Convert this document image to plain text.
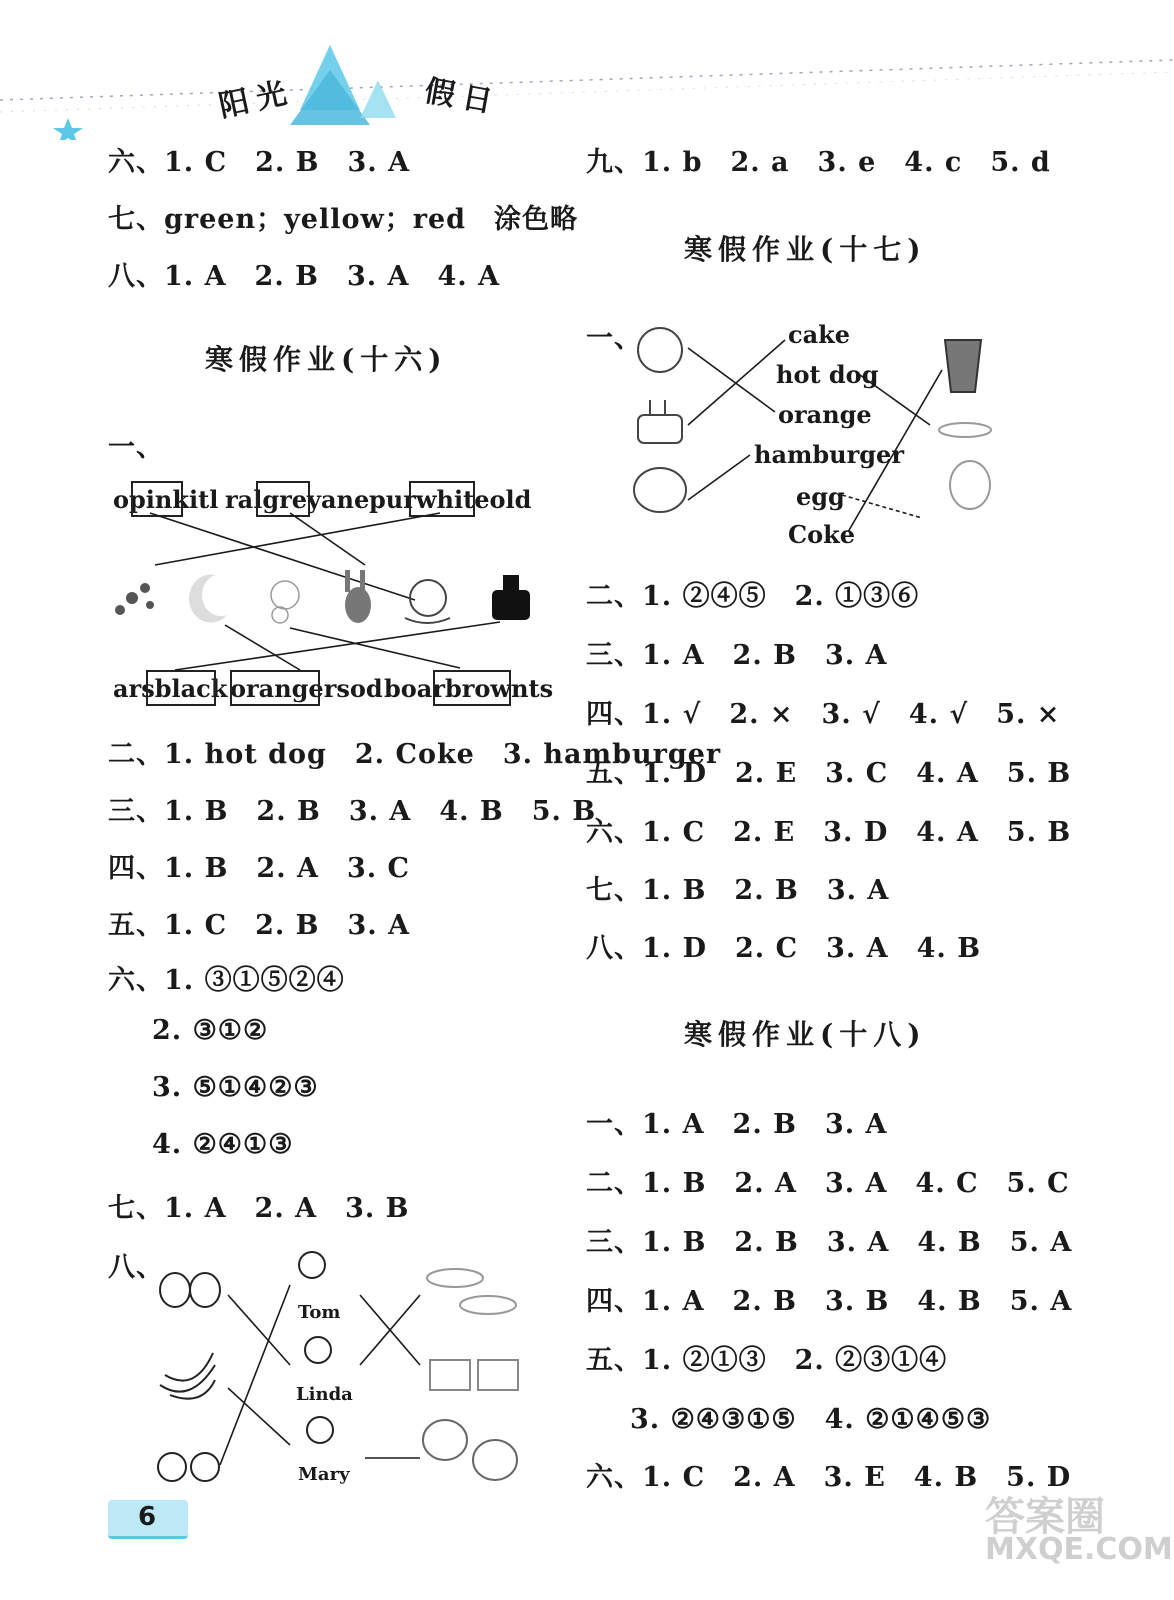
阳光	假日
六、1. C　2. B　3. A
七、green；yellow；red　涂色略
八、1. A　2. B　3. A　4. A
寒假作业(十六)
一、
opinkitl ralgreyane purwhiteold
arsblack orangersod boarbrownts
二、1. hot dog　2. Coke　3. hamburger
三、1. B　2. B　3. A　4. B　5. B
四、1. B　2. A　3. C
五、1. C　2. B　3. A
六、1. ③①⑤②④
2. ③①②
3. ⑤①④②③
4. ②④①③
七、1. A　2. A　3. B
八、
Tom
Linda
Mary
九、1. b　2. a　3. e　4. c　5. d
寒假作业(十七)
一、	cake
hot dog
orange
hamburger
egg
Coke
二、1. ②④⑤　2. ①③⑥
三、1. A　2. B　3. A
四、1. √　2. ×　3. √　4. √　5. ×
五、1. D　2. E　3. C　4. A　5. B
六、1. C　2. E　3. D　4. A　5. B
七、1. B　2. B　3. A
八、1. D　2. C　3. A　4. B
寒假作业(十八)
一、1. A　2. B　3. A
二、1. B　2. A　3. A　4. C　5. C
三、1. B　2. B　3. A　4. B　5. A
四、1. A　2. B　3. B　4. B　5. A
五、1. ②①③　2. ②③①④
3. ②④③①⑤　4. ②①④⑤③
六、1. C　2. A　3. E　4. B　5. D
6	答案圈
MXQE.COM
